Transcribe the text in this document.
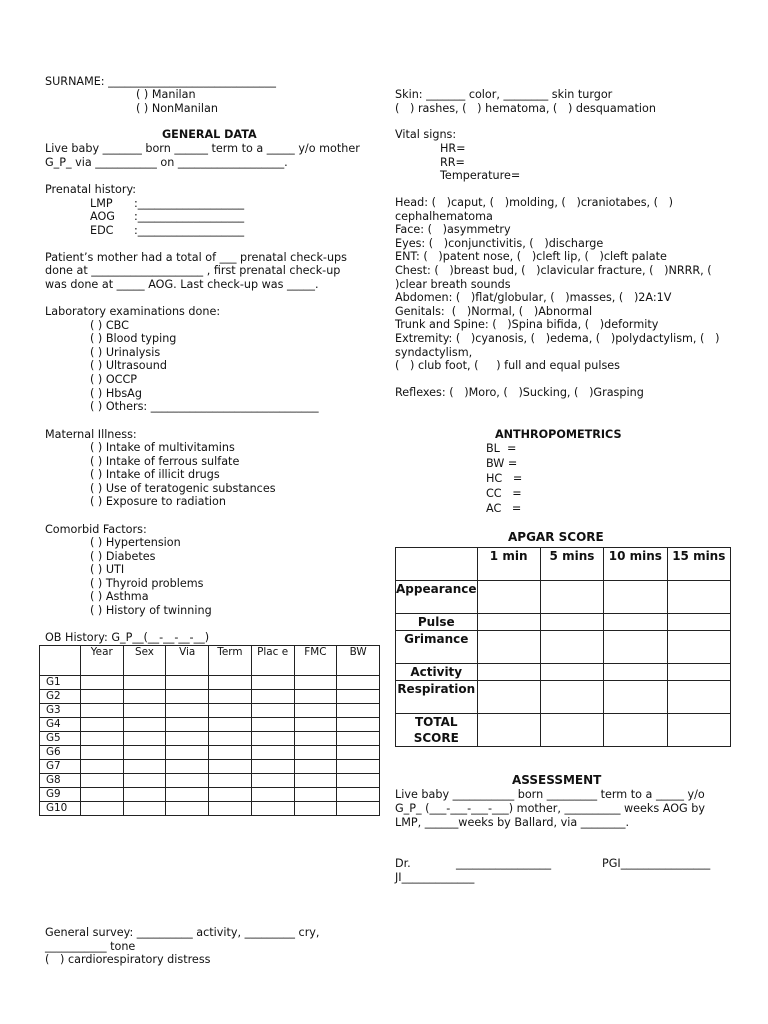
SURNAME: ______________________________
( ) Manilan
( ) NonManilan
GENERAL DATA
Live baby _______ born ______ term to a _____ y/o mother
G_P_ via ___________ on ___________________.
Prenatal history:
LMP :___________________
AOG :___________________
EDC :___________________
Patient’s mother had a total of ___ prenatal check-ups
done at ____________________ , first prenatal check-up
was done at _____ AOG. Last check-up was _____.
Laboratory examinations done:
( ) CBC
( ) Blood typing
( ) Urinalysis
( ) Ultrasound
( ) OCCP
( ) HbsAg
( ) Others: ______________________________
Maternal Illness:
( ) Intake of multivitamins
( ) Intake of ferrous sulfate
( ) Intake of illicit drugs
( ) Use of teratogenic substances
( ) Exposure to radiation
Comorbid Factors:
( ) Hypertension
( ) Diabetes
( ) UTI
( ) Thyroid problems
( ) Asthma
( ) History of twinning
OB History: G_P__(__-__-__-__)
	Year	Sex	Via	Term	Plac e	FMC	BW
G1							
G2							
G3							
G4							
G5							
G6							
G7							
G8							
G9							
G10							
General survey: __________ activity, _________ cry,
___________ tone
(   ) cardiorespiratory distress
Skin: _______ color, ________ skin turgor
(   ) rashes, (   ) hematoma, (   ) desquamation
Vital signs:
HR=
RR=
Temperature=
Head: (   )caput, (   )molding, (   )craniotabes, (   )
cephalhematoma
Face: (   )asymmetry
Eyes: (   )conjunctivitis, (   )discharge
ENT: (   )patent nose, (   )cleft lip, (   )cleft palate
Chest: (   )breast bud, (   )clavicular fracture, (   )NRRR, (
)clear breath sounds
Abdomen: (   )flat/globular, (   )masses, (   )2A:1V
Genitals:  (   )Normal, (   )Abnormal
Trunk and Spine: (   )Spina bifida, (   )deformity
Extremity: (   )cyanosis, (   )edema, (   )polydactylism, (   )
syndactylism,
(   ) club foot, (     ) full and equal pulses
Reflexes: (   )Moro, (   )Sucking, (   )Grasping
ANTHROPOMETRICS
BL  =
BW =
HC   =
CC   =
AC   =
APGAR SCORE
	1 min	5 mins	10 mins	15 mins
Appearance				
Pulse				
Grimance				
Activity				
Respiration				
TOTAL SCORE				
ASSESSMENT
Live baby ___________ born _________ term to a _____ y/o
G_P_ (___-___-___-___) mother, __________ weeks AOG by
LMP, ______weeks by Ballard, via ________.
Dr.	_________________	PGI________________
JI_____________
